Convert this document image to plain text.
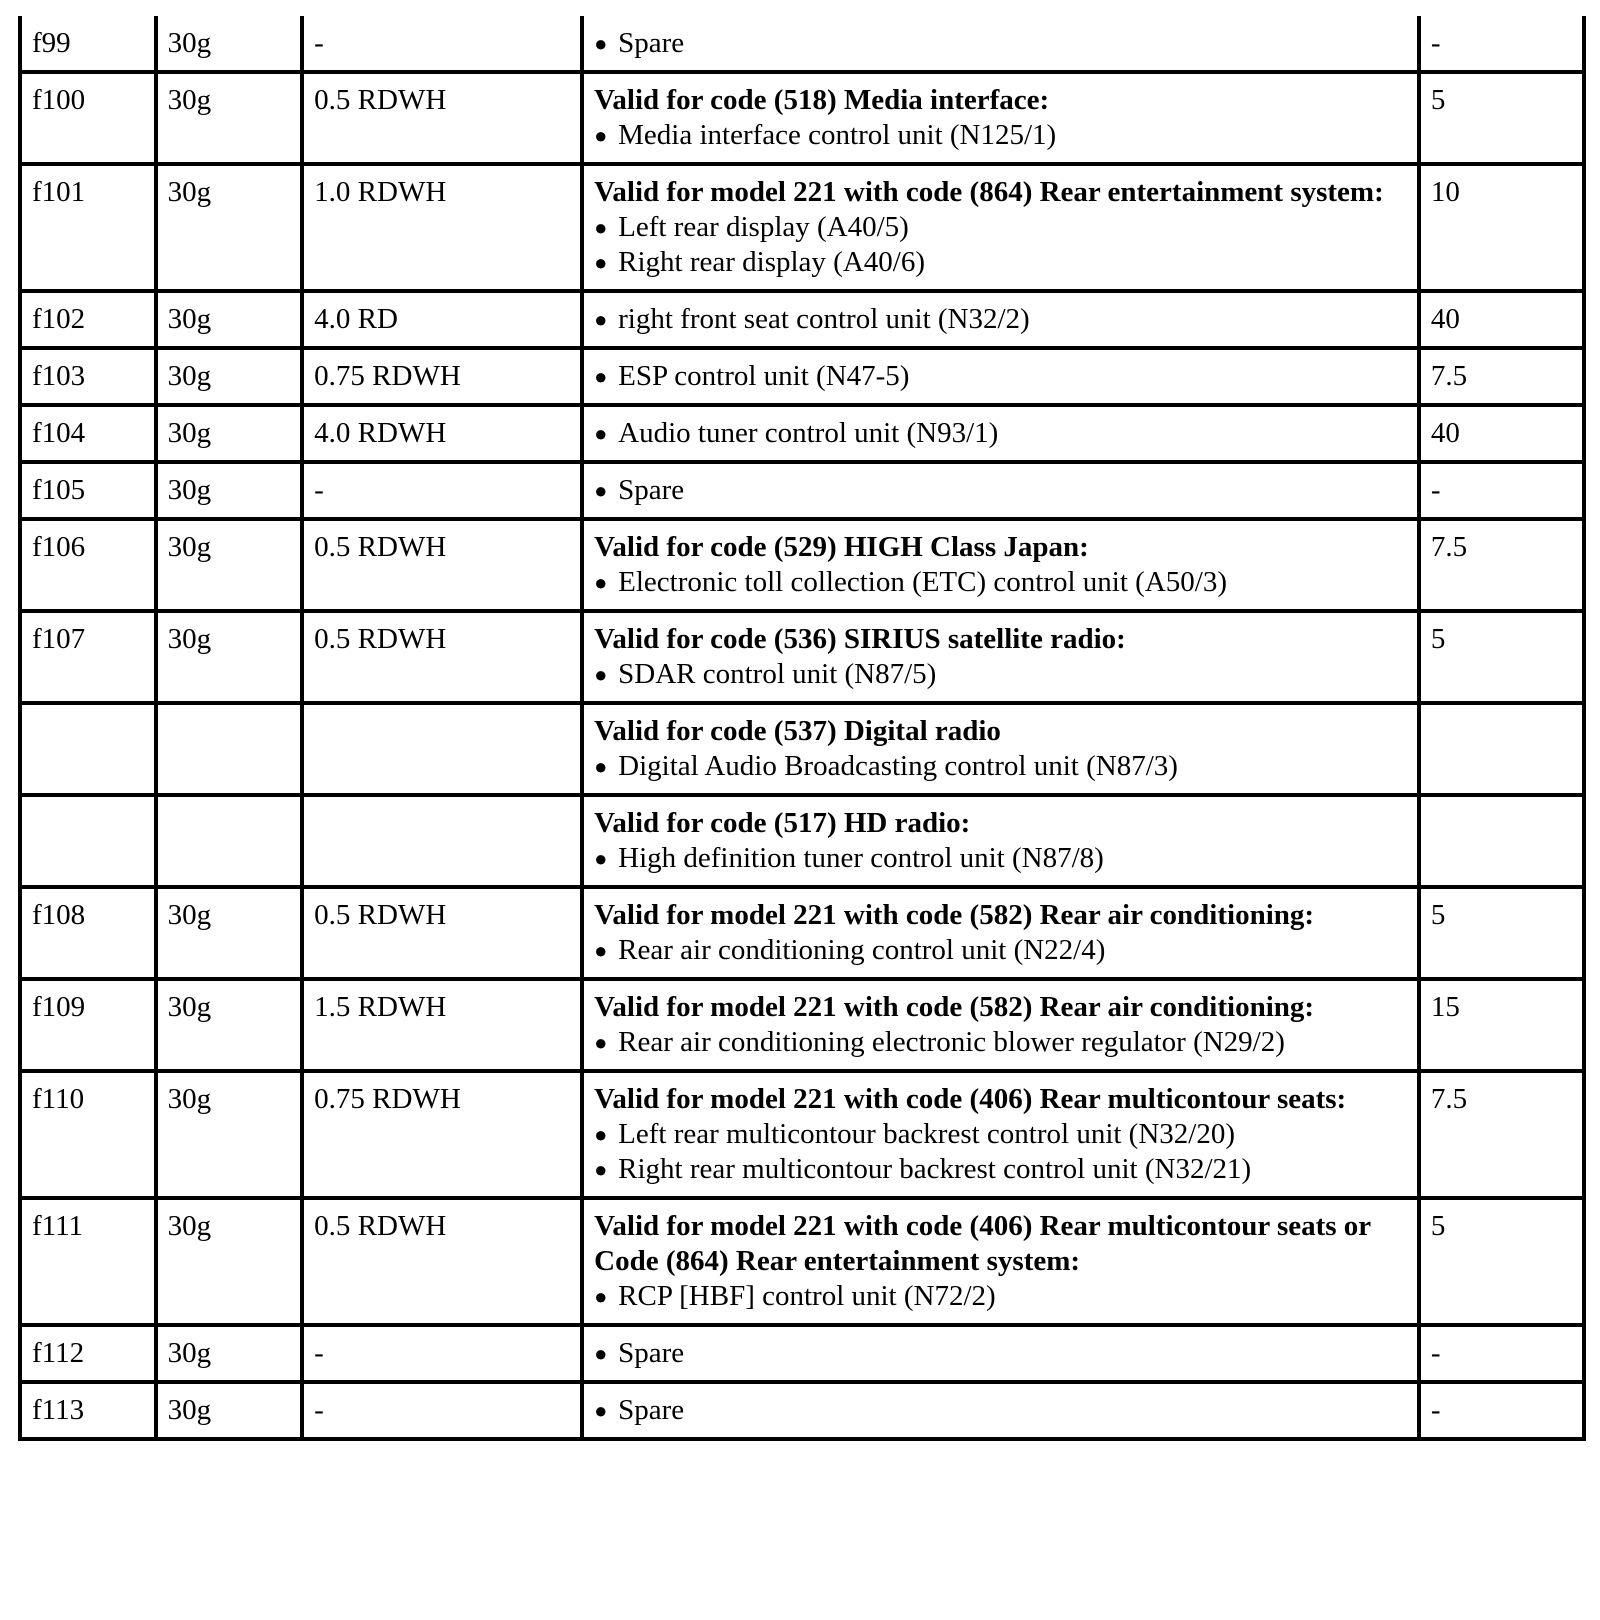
f99	30g	-	● Spare	-
f100	30g	0.5 RDWH	Valid for code (518) Media interface:
● Media interface control unit (N125/1)	5
f101	30g	1.0 RDWH	Valid for model 221 with code (864) Rear entertainment system:
● Left rear display (A40/5)
● Right rear display (A40/6)	10
f102	30g	4.0 RD	● right front seat control unit (N32/2)	40
f103	30g	0.75 RDWH	● ESP control unit (N47-5)	7.5
f104	30g	4.0 RDWH	● Audio tuner control unit (N93/1)	40
f105	30g	-	● Spare	-
f106	30g	0.5 RDWH	Valid for code (529) HIGH Class Japan:
● Electronic toll collection (ETC) control unit (A50/3)	7.5
f107	30g	0.5 RDWH	Valid for code (536) SIRIUS satellite radio:
● SDAR control unit (N87/5)	5

			Valid for code (537) Digital radio
● Digital Audio Broadcasting control unit (N87/3)	

			Valid for code (517) HD radio:
● High definition tuner control unit (N87/8)	

f108	30g	0.5 RDWH	Valid for model 221 with code (582) Rear air conditioning:
● Rear air conditioning control unit (N22/4)	5
f109	30g	1.5 RDWH	Valid for model 221 with code (582) Rear air conditioning:
● Rear air conditioning electronic blower regulator (N29/2)	15
f110	30g	0.75 RDWH	Valid for model 221 with code (406) Rear multicontour seats:
● Left rear multicontour backrest control unit (N32/20)
● Right rear multicontour backrest control unit (N32/21)	7.5
f111	30g	0.5 RDWH	Valid for model 221 with code (406) Rear multicontour seats or
Code (864) Rear entertainment system:
● RCP [HBF] control unit (N72/2)	5
f112	30g	-	● Spare	-
f113	30g	-	● Spare	-
